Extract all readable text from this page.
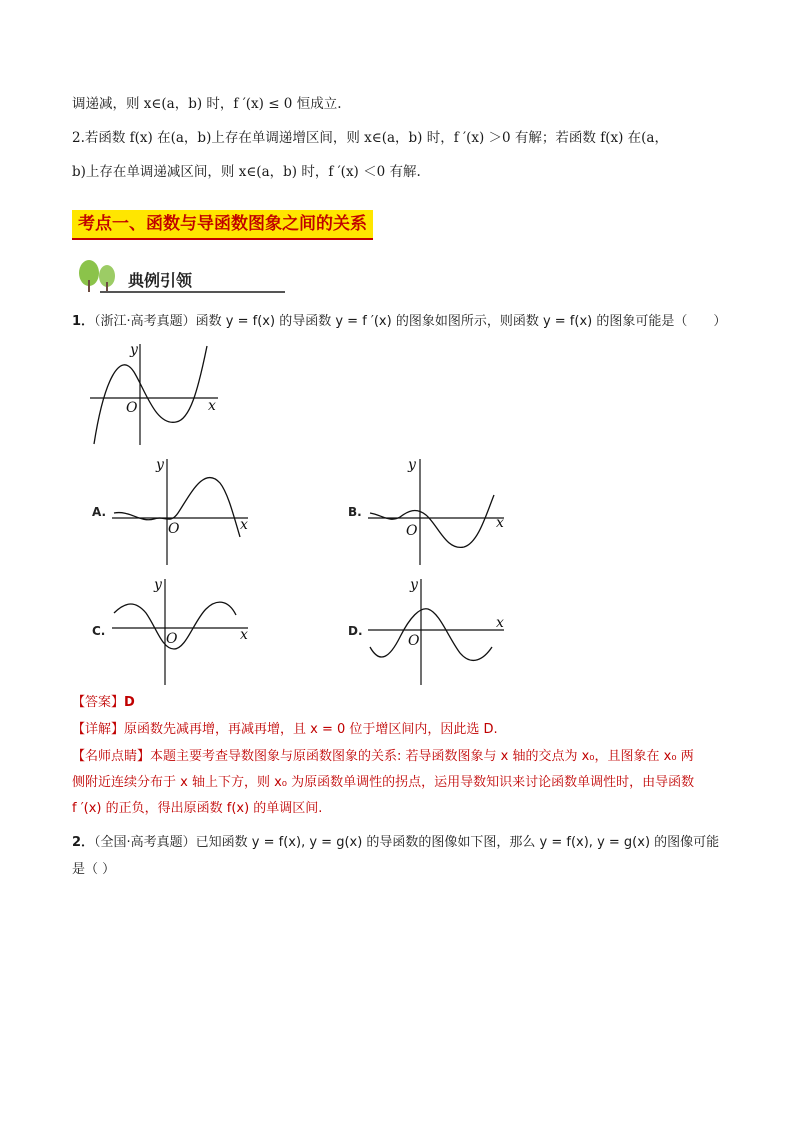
调递减，则 x∈(a，b) 时，f ′(x) ≤ 0 恒成立.
2.若函数 f(x) 在(a，b)上存在单调递增区间，则 x∈(a，b) 时，f ′(x) ＞0 有解；若函数 f(x) 在(a，
b)上存在单调递减区间，则 x∈(a，b) 时，f ′(x) ＜0 有解.
考点一、函数与导函数图象之间的关系
典例引领
1．（浙江·高考真题）函数 y = f(x) 的导函数 y = f ′(x) 的图象如图所示，则函数 y = f(x) 的图象可能是（　　）
y
x
O
A.
y
x
O
B.
y
x
O
C.
y
x
O	D.
y
x
O
【答案】D
【详解】原函数先减再增，再减再增，且 x = 0 位于增区间内，因此选 D.
【名师点睛】本题主要考查导数图象与原函数图象的关系: 若导函数图象与 x 轴的交点为 x₀，且图象在 x₀ 两
侧附近连续分布于 x 轴上下方，则 x₀ 为原函数单调性的拐点，运用导数知识来讨论函数单调性时，由导函数
f ′(x) 的正负，得出原函数 f(x) 的单调区间.
2．（全国·高考真题）已知函数 y = f(x), y = g(x) 的导函数的图像如下图，那么 y = f(x), y = g(x) 的图像可能
是（ ）
